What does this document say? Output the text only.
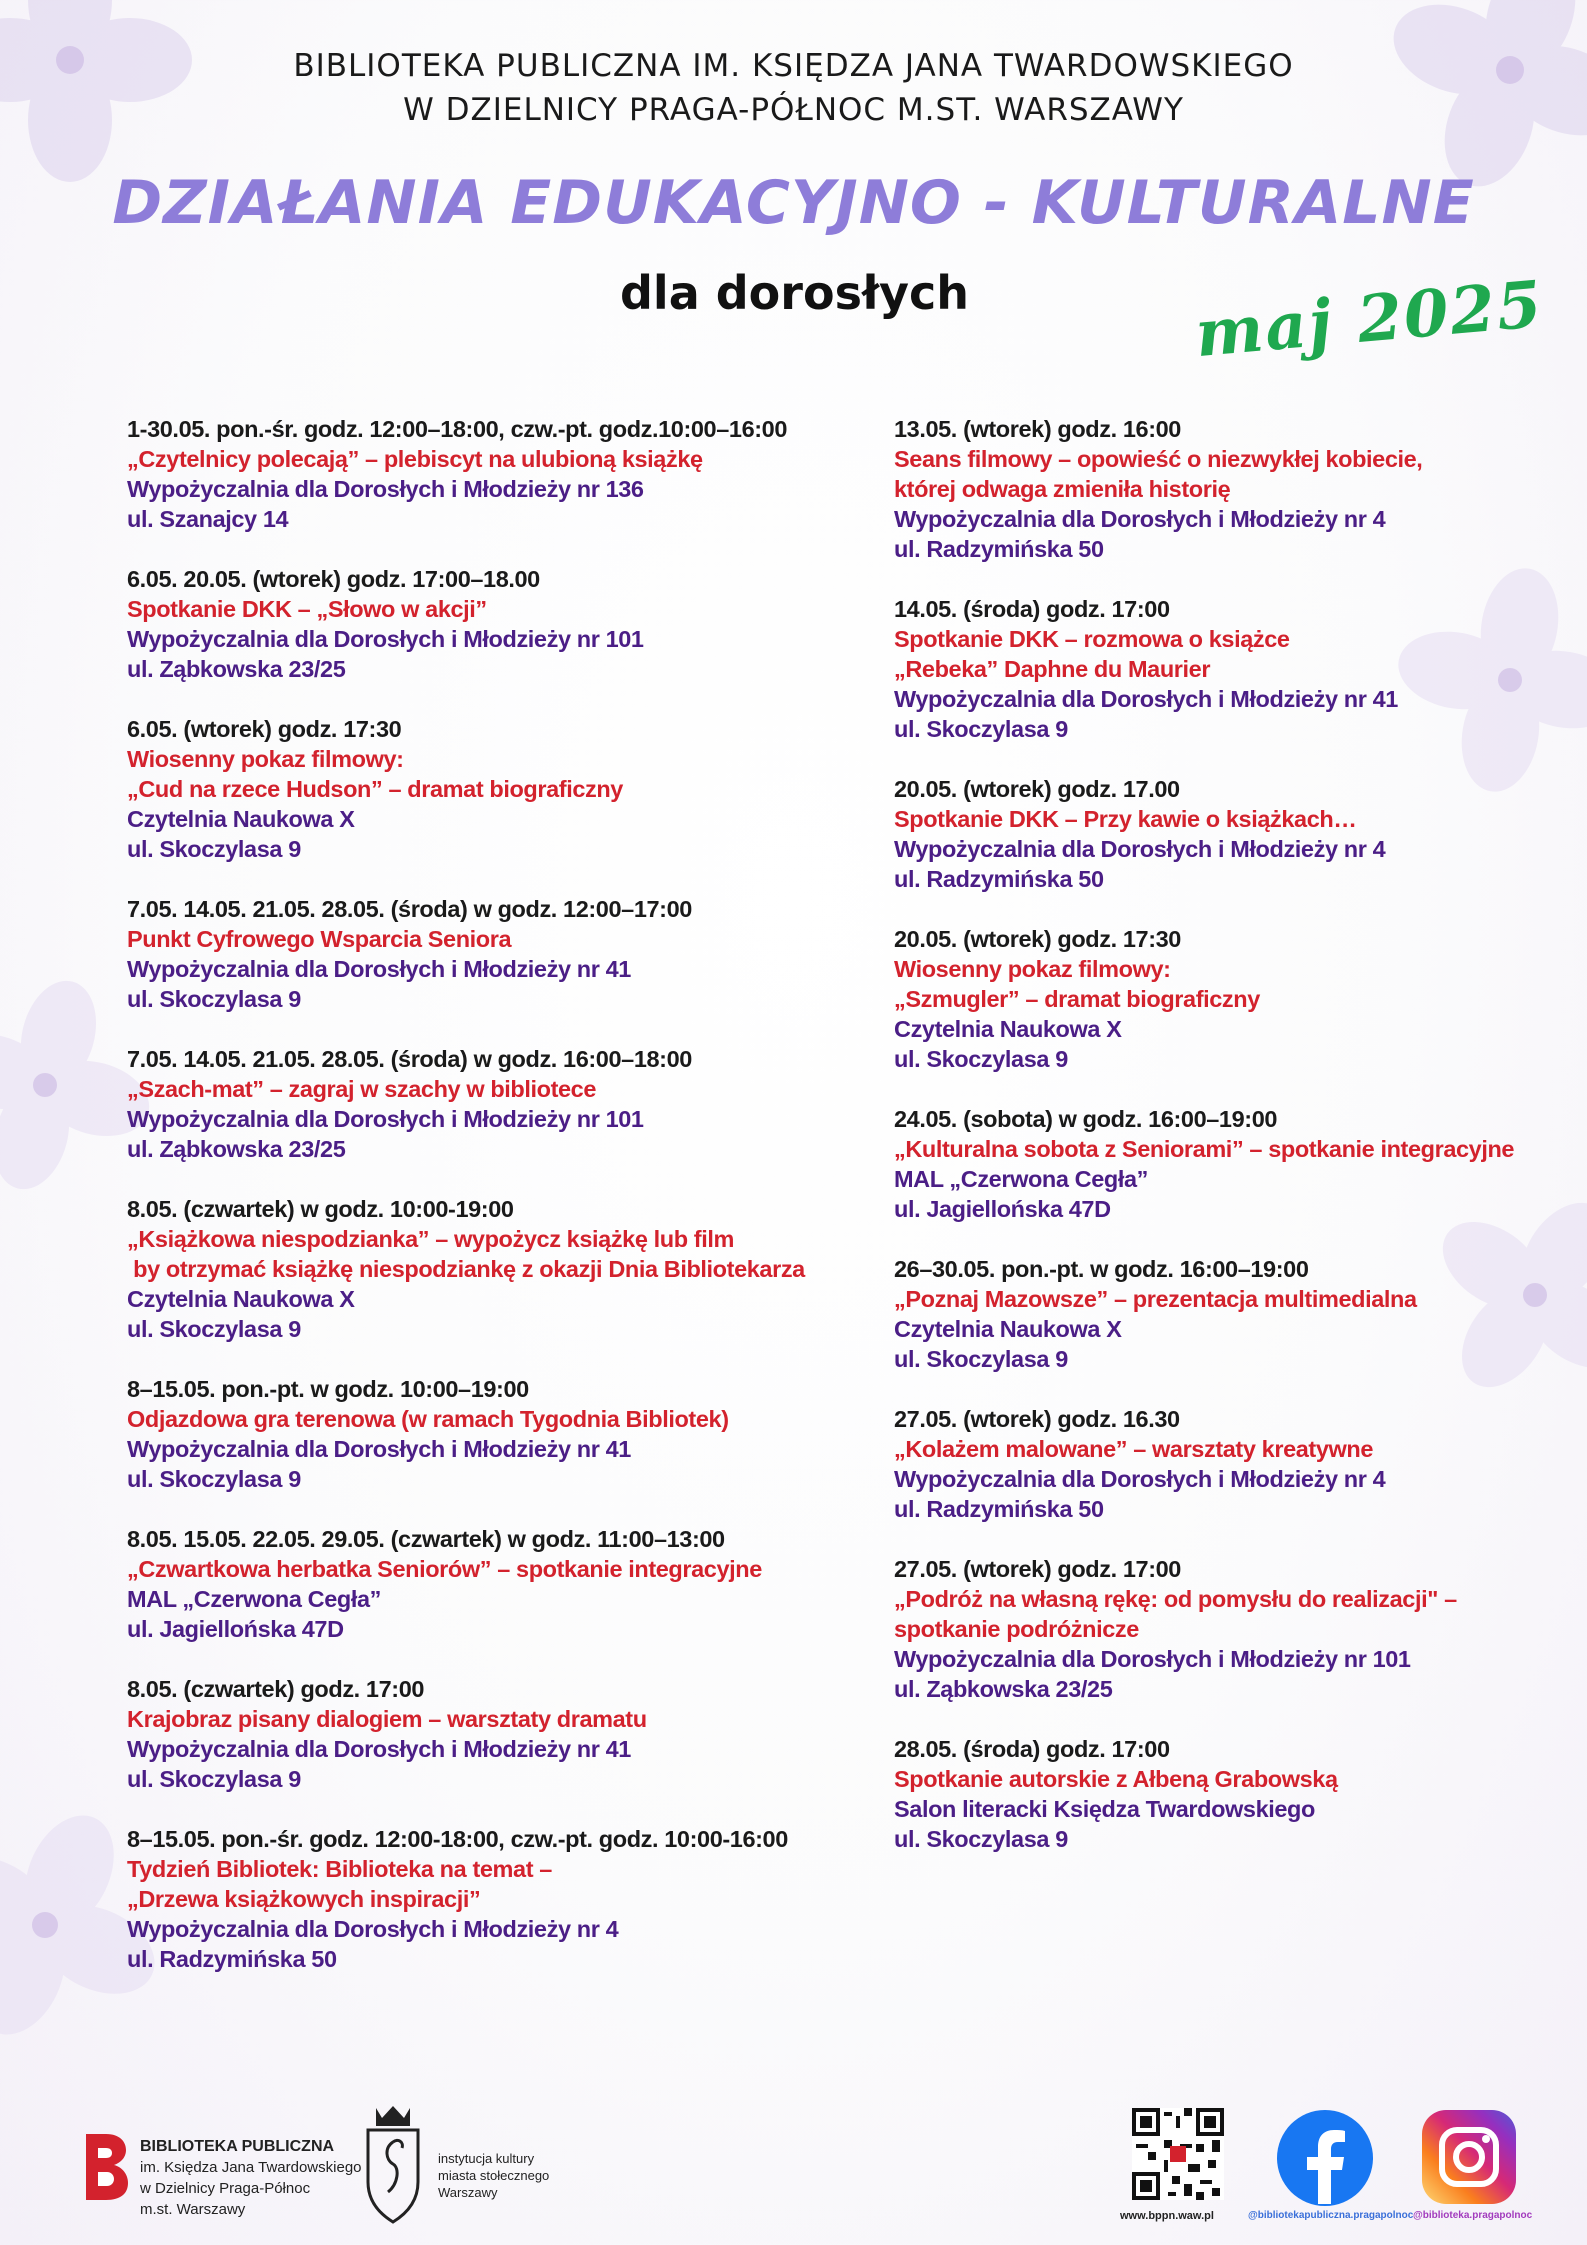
BIBLIOTEKA PUBLICZNA IM. KSIĘDZA JANA TWARDOWSKIEGO
W DZIELNICY PRAGA-PÓŁNOC M.ST. WARSZAWY
DZIAŁANIA EDUKACYJNO - KULTURALNE
dla dorosłych	maj 2025
1-30.05. pon.-śr. godz. 12:00–18:00, czw.-pt. godz.10:00–16:00
„Czytelnicy polecają” – plebiscyt na ulubioną książkę
Wypożyczalnia dla Dorosłych i Młodzieży nr 136
ul. Szanajcy 14
6.05. 20.05. (wtorek) godz. 17:00–18.00
Spotkanie DKK – „Słowo w akcji”
Wypożyczalnia dla Dorosłych i Młodzieży nr 101
ul. Ząbkowska 23/25
6.05. (wtorek) godz. 17:30
Wiosenny pokaz filmowy:
„Cud na rzece Hudson” – dramat biograficzny
Czytelnia Naukowa X
ul. Skoczylasa 9
7.05. 14.05. 21.05. 28.05. (środa) w godz. 12:00–17:00
Punkt Cyfrowego Wsparcia Seniora
Wypożyczalnia dla Dorosłych i Młodzieży nr 41
ul. Skoczylasa 9
7.05. 14.05. 21.05. 28.05. (środa) w godz. 16:00–18:00
„Szach-mat” – zagraj w szachy w bibliotece
Wypożyczalnia dla Dorosłych i Młodzieży nr 101
ul. Ząbkowska 23/25
8.05. (czwartek) w godz. 10:00-19:00
„Książkowa niespodzianka” – wypożycz książkę lub film
by otrzymać książkę niespodziankę z okazji Dnia Bibliotekarza
Czytelnia Naukowa X
ul. Skoczylasa 9
8–15.05. pon.-pt. w godz. 10:00–19:00
Odjazdowa gra terenowa (w ramach Tygodnia Bibliotek)
Wypożyczalnia dla Dorosłych i Młodzieży nr 41
ul. Skoczylasa 9
8.05. 15.05. 22.05. 29.05. (czwartek) w godz. 11:00–13:00
„Czwartkowa herbatka Seniorów” – spotkanie integracyjne
MAL „Czerwona Cegła”
ul. Jagiellońska 47D
8.05. (czwartek) godz. 17:00
Krajobraz pisany dialogiem – warsztaty dramatu
Wypożyczalnia dla Dorosłych i Młodzieży nr 41
ul. Skoczylasa 9
8–15.05. pon.-śr. godz. 12:00-18:00, czw.-pt. godz. 10:00-16:00
Tydzień Bibliotek: Biblioteka na temat –
„Drzewa książkowych inspiracji”
Wypożyczalnia dla Dorosłych i Młodzieży nr 4
ul. Radzymińska 50
13.05. (wtorek) godz. 16:00
Seans filmowy – opowieść o niezwykłej kobiecie,
której odwaga zmieniła historię
Wypożyczalnia dla Dorosłych i Młodzieży nr 4
ul. Radzymińska 50
14.05. (środa) godz. 17:00
Spotkanie DKK – rozmowa o książce
„Rebeka” Daphne du Maurier
Wypożyczalnia dla Dorosłych i Młodzieży nr 41
ul. Skoczylasa 9
20.05. (wtorek) godz. 17.00
Spotkanie DKK – Przy kawie o książkach…
Wypożyczalnia dla Dorosłych i Młodzieży nr 4
ul. Radzymińska 50
20.05. (wtorek) godz. 17:30
Wiosenny pokaz filmowy:
„Szmugler” – dramat biograficzny
Czytelnia Naukowa X
ul. Skoczylasa 9
24.05. (sobota) w godz. 16:00–19:00
„Kulturalna sobota z Seniorami” – spotkanie integracyjne
MAL „Czerwona Cegła”
ul. Jagiellońska 47D
26–30.05. pon.-pt. w godz. 16:00–19:00
„Poznaj Mazowsze” – prezentacja multimedialna
Czytelnia Naukowa X
ul. Skoczylasa 9
27.05. (wtorek) godz. 16.30
„Kolażem malowane” – warsztaty kreatywne
Wypożyczalnia dla Dorosłych i Młodzieży nr 4
ul. Radzymińska 50
27.05. (wtorek) godz. 17:00
„Podróż na własną rękę: od pomysłu do realizacji" –
spotkanie podróżnicze
Wypożyczalnia dla Dorosłych i Młodzieży nr 101
ul. Ząbkowska 23/25
28.05. (środa) godz. 17:00
Spotkanie autorskie z Ałbeną Grabowską
Salon literacki Księdza Twardowskiego
ul. Skoczylasa 9
BIBLIOTEKA PUBLICZNA
im. Księdza Jana Twardowskiego
w Dzielnicy Praga-Północ
m.st. Warszawy
instytucja kultury
miasta stołecznego
Warszawy
www.bppn.waw.pl	@bibliotekapubliczna.pragapolnoc @biblioteka.pragapolnoc
